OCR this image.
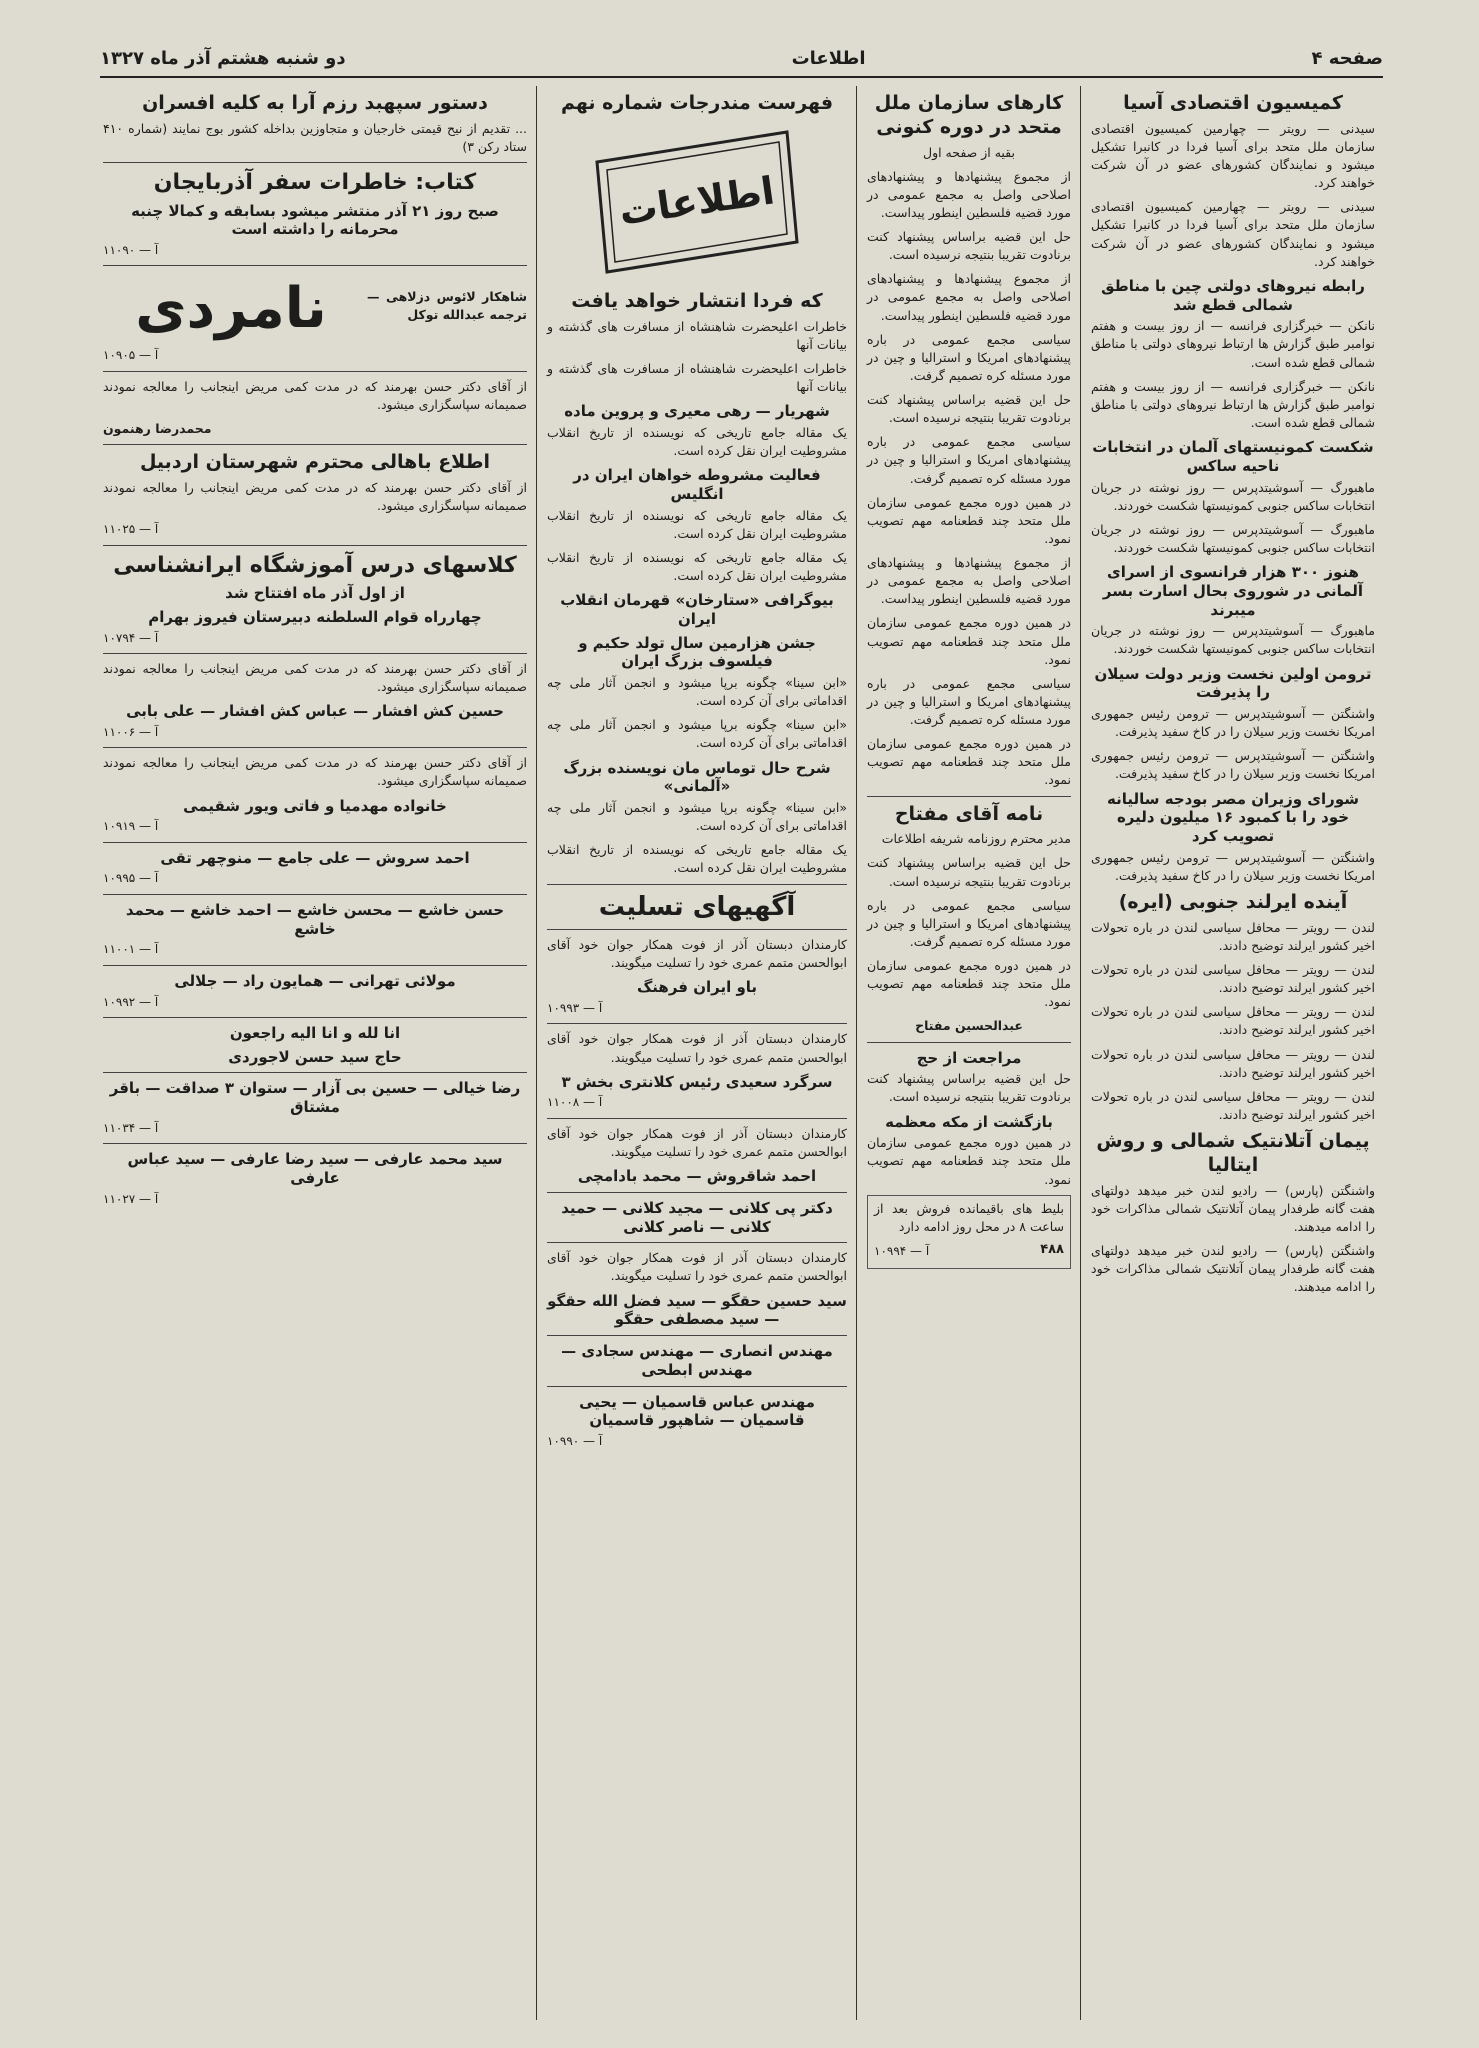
صفحه ۴
اطلاعات
دو شنبه هشتم آذر ماه ۱۳۲۷
کمیسیون اقتصادی آسیا

سیدنی — رویتر — چهارمین کمیسیون اقتصادی سازمان ملل متحد برای آسیا فردا در کانبرا تشکیل میشود و نمایندگان کشورهای عضو در آن شرکت خواهند کرد.

سیدنی — رویتر — چهارمین کمیسیون اقتصادی سازمان ملل متحد برای آسیا فردا در کانبرا تشکیل میشود و نمایندگان کشورهای عضو در آن شرکت خواهند کرد.

رابطه نیروهای دولتی چین با مناطق شمالی قطع شد

نانکن — خبرگزاری فرانسه — از روز بیست و هفتم نوامبر طبق گزارش ها ارتباط نیروهای دولتی با مناطق شمالی قطع شده است.

نانکن — خبرگزاری فرانسه — از روز بیست و هفتم نوامبر طبق گزارش ها ارتباط نیروهای دولتی با مناطق شمالی قطع شده است.

شکست کمونیستهای آلمان در انتخابات ناحیه ساکس

ماهبورگ — آسوشیتدپرس — روز نوشته در جریان انتخابات ساکس جنوبی کمونیستها شکست خوردند.

ماهبورگ — آسوشیتدپرس — روز نوشته در جریان انتخابات ساکس جنوبی کمونیستها شکست خوردند.

هنوز ۳۰۰ هزار فرانسوی از اسرای آلمانی در شوروی بحال اسارت بسر میبرند

ماهبورگ — آسوشیتدپرس — روز نوشته در جریان انتخابات ساکس جنوبی کمونیستها شکست خوردند.

ترومن اولین نخست وزیر دولت سیلان را پذیرفت

واشنگتن — آسوشیتدپرس — ترومن رئیس جمهوری امریکا نخست وزیر سیلان را در کاخ سفید پذیرفت.

واشنگتن — آسوشیتدپرس — ترومن رئیس جمهوری امریکا نخست وزیر سیلان را در کاخ سفید پذیرفت.

شورای وزیران مصر بودجه سالیانه خود را با کمبود ۱۶ میلیون دلیره تصویب کرد

واشنگتن — آسوشیتدپرس — ترومن رئیس جمهوری امریکا نخست وزیر سیلان را در کاخ سفید پذیرفت.

آینده ایرلند جنوبی (ایره)

لندن — رویتر — محافل سیاسی لندن در باره تحولات اخیر کشور ایرلند توضیح دادند.

لندن — رویتر — محافل سیاسی لندن در باره تحولات اخیر کشور ایرلند توضیح دادند.

لندن — رویتر — محافل سیاسی لندن در باره تحولات اخیر کشور ایرلند توضیح دادند.

لندن — رویتر — محافل سیاسی لندن در باره تحولات اخیر کشور ایرلند توضیح دادند.

لندن — رویتر — محافل سیاسی لندن در باره تحولات اخیر کشور ایرلند توضیح دادند.

پیمان آتلانتیک شمالی و روش ایتالیا

واشنگتن (پارس) — رادیو لندن خبر میدهد دولتهای هفت گانه طرفدار پیمان آتلانتیک شمالی مذاکرات خود را ادامه میدهند.

واشنگتن (پارس) — رادیو لندن خبر میدهد دولتهای هفت گانه طرفدار پیمان آتلانتیک شمالی مذاکرات خود را ادامه میدهند.

کارهای سازمان ملل متحد در دوره کنونی

بقیه از صفحه اول

از مجموع پیشنهادها و پیشنهادهای اصلاحی واصل به مجمع عمومی در مورد قضیه فلسطین اینطور پیداست.

حل این قضیه براساس پیشنهاد کنت برنادوت تقریبا بنتیجه نرسیده است.

از مجموع پیشنهادها و پیشنهادهای اصلاحی واصل به مجمع عمومی در مورد قضیه فلسطین اینطور پیداست.

سیاسی مجمع عمومی در باره پیشنهادهای امریکا و استرالیا و چین در مورد مسئله کره تصمیم گرفت.

حل این قضیه براساس پیشنهاد کنت برنادوت تقریبا بنتیجه نرسیده است.

سیاسی مجمع عمومی در باره پیشنهادهای امریکا و استرالیا و چین در مورد مسئله کره تصمیم گرفت.

در همین دوره مجمع عمومی سازمان ملل متحد چند قطعنامه مهم تصویب نمود.

از مجموع پیشنهادها و پیشنهادهای اصلاحی واصل به مجمع عمومی در مورد قضیه فلسطین اینطور پیداست.

در همین دوره مجمع عمومی سازمان ملل متحد چند قطعنامه مهم تصویب نمود.

سیاسی مجمع عمومی در باره پیشنهادهای امریکا و استرالیا و چین در مورد مسئله کره تصمیم گرفت.

در همین دوره مجمع عمومی سازمان ملل متحد چند قطعنامه مهم تصویب نمود.

نامه آقای مفتاح

مدیر محترم روزنامه شریفه اطلاعات

حل این قضیه براساس پیشنهاد کنت برنادوت تقریبا بنتیجه نرسیده است.

سیاسی مجمع عمومی در باره پیشنهادهای امریکا و استرالیا و چین در مورد مسئله کره تصمیم گرفت.

در همین دوره مجمع عمومی سازمان ملل متحد چند قطعنامه مهم تصویب نمود.

عبدالحسین مفتاح

مراجعت از حج

حل این قضیه براساس پیشنهاد کنت برنادوت تقریبا بنتیجه نرسیده است.

بازگشت از مکه معظمه

در همین دوره مجمع عمومی سازمان ملل متحد چند قطعنامه مهم تصویب نمود.

بلیط های باقیمانده فروش بعد از ساعت ۸ در محل روز ادامه دارد

۴۸۸
آ — ۱۰۹۹۴
فهرست مندرجات شماره نهم
اطلاعات
که فردا انتشار خواهد یافت

خاطرات اعلیحضرت شاهنشاه از مسافرت های گذشته و بیانات آنها

خاطرات اعلیحضرت شاهنشاه از مسافرت های گذشته و بیانات آنها

شهریار — رهی معیری و پروین ماده

یک مقاله جامع تاریخی که نویسنده از تاریخ انقلاب مشروطیت ایران نقل کرده است.

فعالیت مشروطه خواهان ایران در انگلیس

یک مقاله جامع تاریخی که نویسنده از تاریخ انقلاب مشروطیت ایران نقل کرده است.

یک مقاله جامع تاریخی که نویسنده از تاریخ انقلاب مشروطیت ایران نقل کرده است.

بیوگرافی «ستارخان» قهرمان انقلاب ایران
جشن هزارمین سال تولد حکیم و فیلسوف بزرگ ایران

«ابن سینا» چگونه برپا میشود و انجمن آثار ملی چه اقداماتی برای آن کرده است.

«ابن سینا» چگونه برپا میشود و انجمن آثار ملی چه اقداماتی برای آن کرده است.

شرح حال توماس مان نویسنده بزرگ «آلمانی»

«ابن سینا» چگونه برپا میشود و انجمن آثار ملی چه اقداماتی برای آن کرده است.

یک مقاله جامع تاریخی که نویسنده از تاریخ انقلاب مشروطیت ایران نقل کرده است.

آگهیهای تسلیت

کارمندان دبستان آذر از فوت همکار جوان خود آقای ابوالحسن متمم عمری خود را تسلیت میگویند.

باو ایران فرهنگ

آ — ۱۰۹۹۳

کارمندان دبستان آذر از فوت همکار جوان خود آقای ابوالحسن متمم عمری خود را تسلیت میگویند.

سرگرد سعیدی رئیس کلانتری بخش ۳

آ — ۱۱۰۰۸

کارمندان دبستان آذر از فوت همکار جوان خود آقای ابوالحسن متمم عمری خود را تسلیت میگویند.

احمد شاقروش — محمد بادامچی
دکتر پی کلانی — مجید کلانی — حمید کلانی — ناصر کلانی

کارمندان دبستان آذر از فوت همکار جوان خود آقای ابوالحسن متمم عمری خود را تسلیت میگویند.

سید حسین حقگو — سید فضل الله حقگو — سید مصطفی حقگو
مهندس انصاری — مهندس سجادی — مهندس ابطحی
مهندس عباس قاسمیان — یحیی قاسمیان — شاهپور قاسمیان

آ — ۱۰۹۹۰

دستور سپهبد رزم آرا به کلیه افسران

... تقدیم از نیح قیمتی خارجیان و متجاوزین بداخله کشور بوج نمایند (شماره ۴۱۰ ستاد رکن ۳)

کتاب: خاطرات سفر آذربایجان
صبح روز ۲۱ آذر منتشر میشود بسابقه و کمالا چنبه محرمانه را داشته است

آ — ۱۱۰۹۰

شاهکار لائوس دزلاهی — ترجمه عبدالله توکل

نامردی

آ — ۱۰۹۰۵

از آقای دکتر حسن بهرمند که در مدت کمی مریض اینجانب را معالجه نمودند صمیمانه سپاسگزاری میشود.

محمدرضا رهنمون

اطلاع باهالی محترم شهرستان اردبیل

از آقای دکتر حسن بهرمند که در مدت کمی مریض اینجانب را معالجه نمودند صمیمانه سپاسگزاری میشود.

آ — ۱۱۰۲۵

کلاسهای درس آموزشگاه ایرانشناسی
از اول آذر ماه افتتاح شد
چهارراه قوام السلطنه دبیرستان فیروز بهرام

آ — ۱۰۷۹۴

از آقای دکتر حسن بهرمند که در مدت کمی مریض اینجانب را معالجه نمودند صمیمانه سپاسگزاری میشود.

حسین کش افشار — عباس کش افشار — علی بابی

آ — ۱۱۰۰۶

از آقای دکتر حسن بهرمند که در مدت کمی مریض اینجانب را معالجه نمودند صمیمانه سپاسگزاری میشود.

خانواده مهدمیا و فاتی ویور شقیمی

آ — ۱۰۹۱۹

احمد سروش — علی جامع — منوچهر تقی

آ — ۱۰۹۹۵

حسن خاشع — محسن خاشع — احمد خاشع — محمد خاشع

آ — ۱۱۰۰۱

مولائی تهرانی — همایون راد — جلالی

آ — ۱۰۹۹۲

انا لله و انا الیه راجعون
حاج سید حسن لاجوردی
رضا خیالی — حسین بی آزار — ستوان ۳ صداقت — باقر مشتاق

آ — ۱۱۰۳۴

سید محمد عارفی — سید رضا عارفی — سید عباس عارفی

آ — ۱۱۰۲۷
